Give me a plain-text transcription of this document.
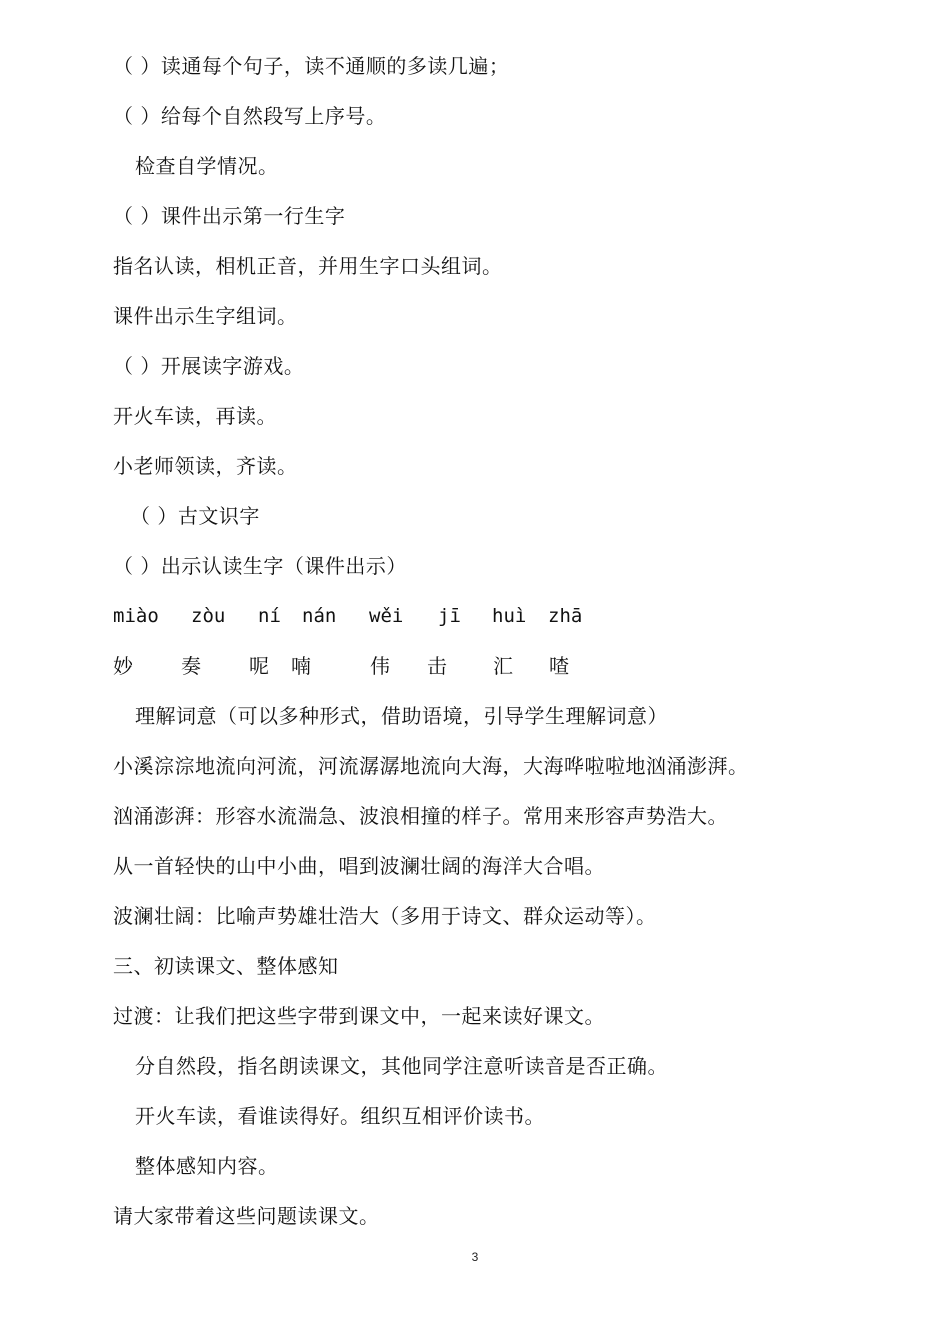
（ ）读通每个句子，读不通顺的多读几遍；
（ ）给每个自然段写上序号。
检查自学情况。
（ ）课件出示第一行生字
指名认读，相机正音，并用生字口头组词。
课件出示生字组词。
（ ）开展读字游戏。
开火车读，再读。
小老师领读，齐读。
（ ）古文识字
（ ）出示认读生字（课件出示）
miào zòu ní nán wěi jī huì zhā
妙 奏 呢 喃	伟 击 汇 喳
理解词意（可以多种形式，借助语境，引导学生理解词意）
小溪淙淙地流向河流，河流潺潺地流向大海，大海哗啦啦地汹涌澎湃。
汹涌澎湃：形容水流湍急、波浪相撞的样子。常用来形容声势浩大。
从一首轻快的山中小曲，唱到波澜壮阔的海洋大合唱。
波澜壮阔：比喻声势雄壮浩大（多用于诗文、群众运动等）。
三、初读课文、整体感知
过渡：让我们把这些字带到课文中，一起来读好课文。
分自然段，指名朗读课文，其他同学注意听读音是否正确。
开火车读，看谁读得好。组织互相评价读书。
整体感知内容。
请大家带着这些问题读课文。
3
